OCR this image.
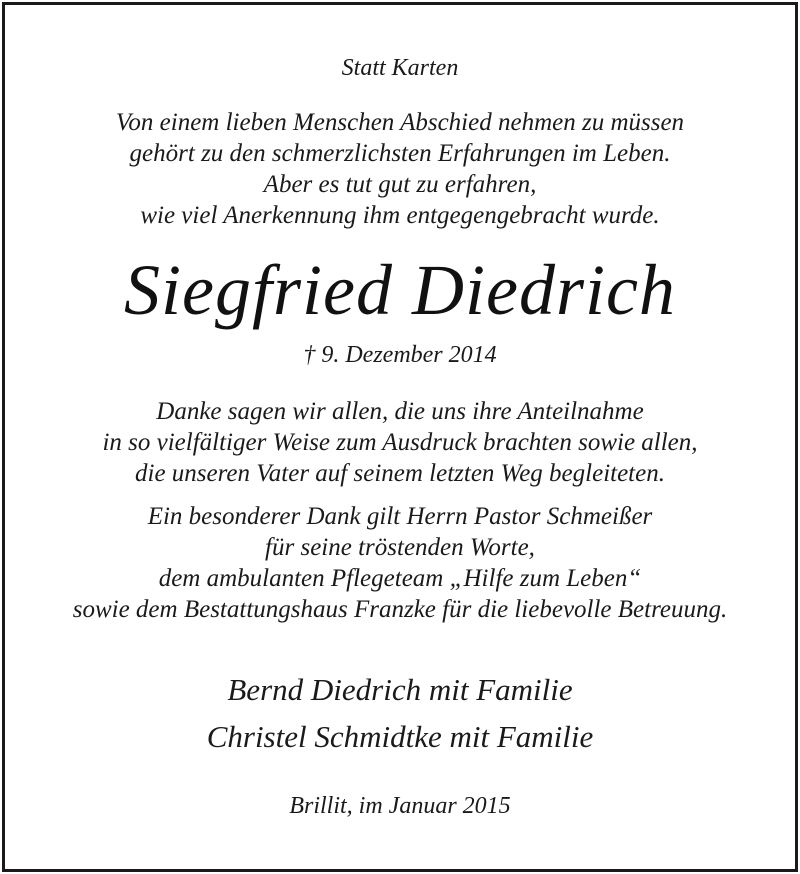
Statt Karten

Von einem lieben Menschen Abschied nehmen zu müssen

gehört zu den schmerzlichsten Erfahrungen im Leben.

Aber es tut gut zu erfahren,

wie viel Anerkennung ihm entgegengebracht wurde.

Siegfried Diedrich

† 9. Dezember 2014

Danke sagen wir allen, die uns ihre Anteilnahme

in so vielfältiger Weise zum Ausdruck brachten sowie allen,

die unseren Vater auf seinem letzten Weg begleiteten.

Ein besonderer Dank gilt Herrn Pastor Schmeißer

für seine tröstenden Worte,

dem ambulanten Pflegeteam „Hilfe zum Leben“

sowie dem Bestattungshaus Franzke für die liebevolle Betreuung.

Bernd Diedrich mit Familie

Christel Schmidtke mit Familie

Brillit, im Januar 2015
